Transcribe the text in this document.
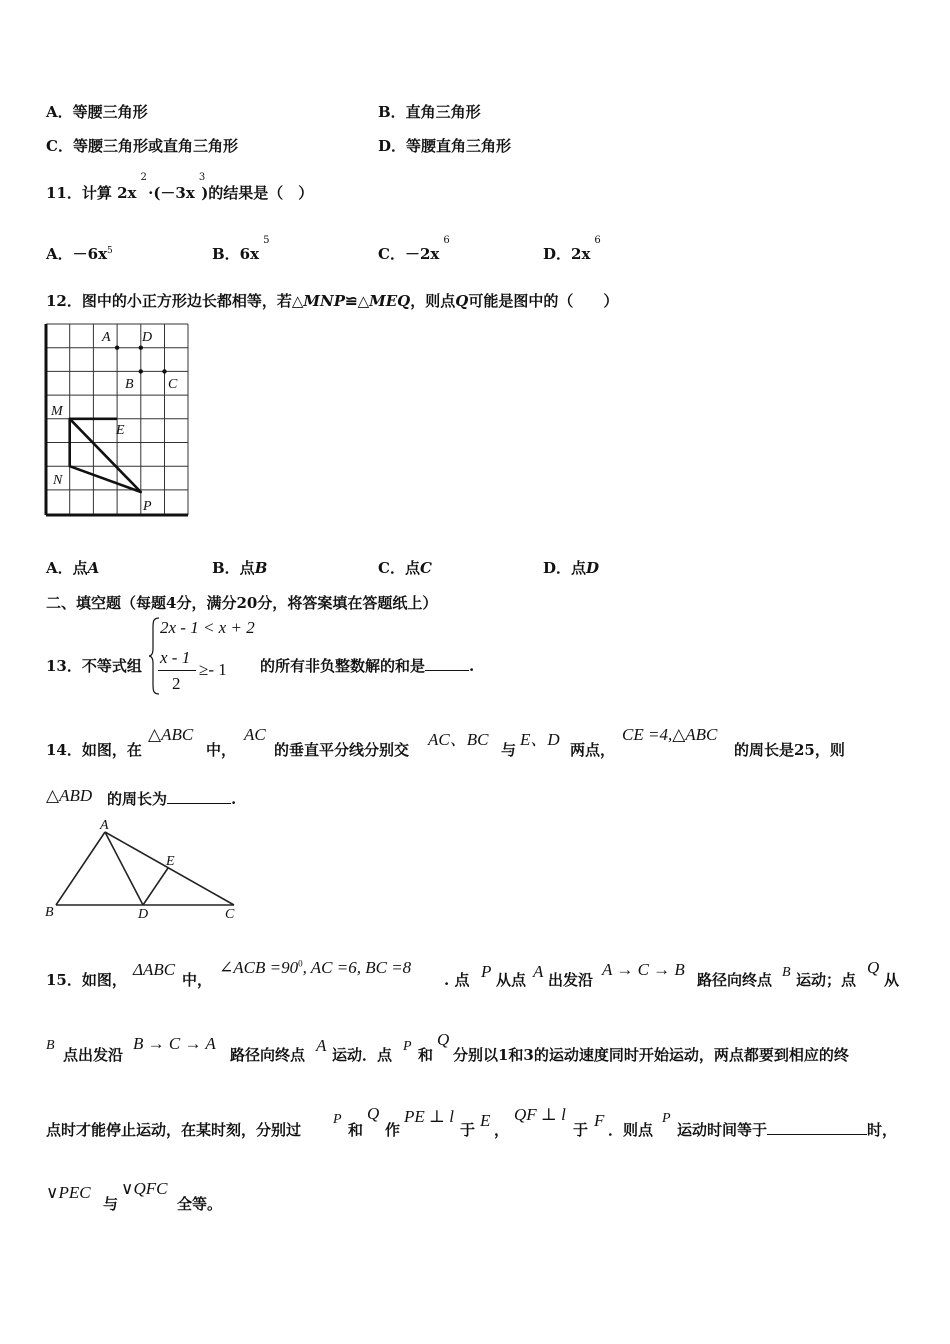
A．等腰三角形	B．直角三角形
C．等腰三角形或直角三角形	D．等腰直角三角形
11．计算 $2x^2 \cdot(-3x^3)$的结果是（　）
A．$-6x^5$	B．$6x^5$
C．$-2x^6$
D．$2x^6$
12．图中的小正方形边长都相等，若△MNP≌△MEQ，则点Q可能是图中的（　　）
A D
B C
M
E
N
P
A．点A	B．点B	C．点C	D．点D
二、填空题（每题4分，满分20分，将答案填在答题纸上）
13．不等式组
2x - 1 < x + 2
x - 1
2
≥- 1 的所有非负整数解的和是	.
14．如图，在
△ABC
中，
AC
的垂直平分线分别交
AC、BC
与
E、D
两点，
CE =4,△ABC
的周长是25，则
△ABD 的周长为	.
A
E
B	D	C
15．如图，
ΔABC
中，
∠ACB $=90^0$, AC =6, BC =8
. 点 P 从点 A 出发沿
A → C → B
路径向终点 B 运动；点
Q
从
B
点出发沿
B → C → A
路径向终点 A 运动．点 P 和
Q
分别以1和3的运动速度同时开始运动，两点都要到相应的终
点时才能停止运动，在某时刻，分别过
P
和
Q
作
PE ⊥ l
于 E ，
QF ⊥ l
于 F ．则点
P
运动时间等于	时，
∨PEC
与
∨QFC
全等。
